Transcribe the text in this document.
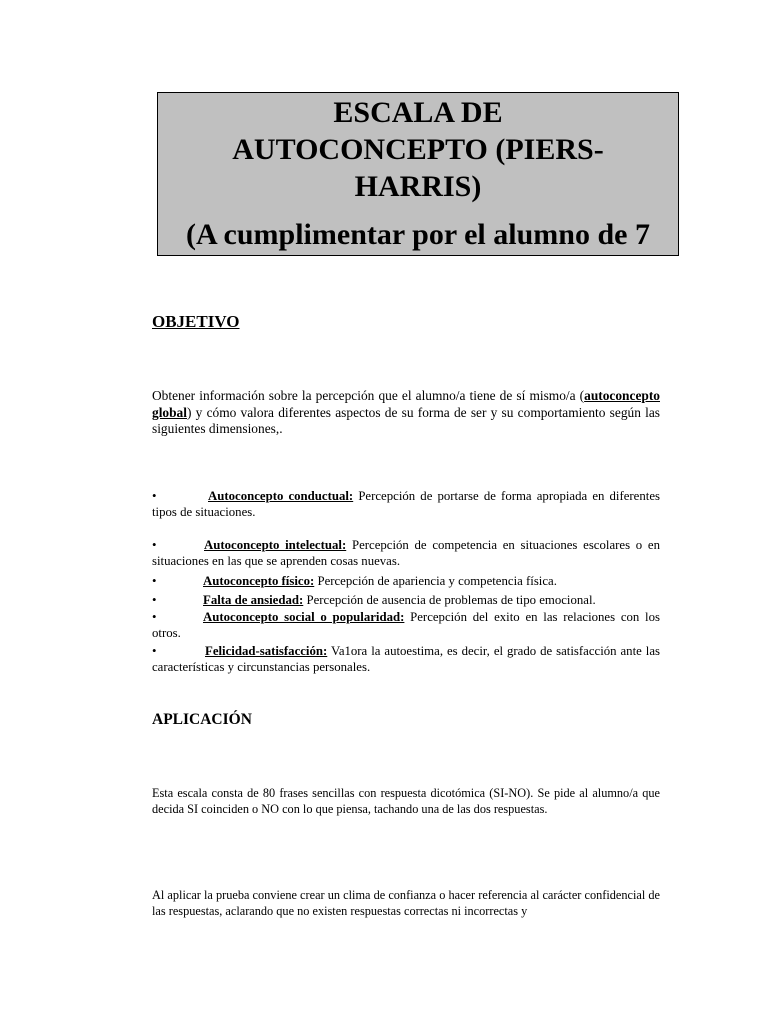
ESCALA DE

AUTOCONCEPTO (PIERS-

HARRIS)

(A cumplimentar por el alumno de 7

OBJETIVO

Obtener información sobre la percepción que el alumno/a tiene de sí mismo/a (autoconcepto global) y cómo valora diferentes aspectos de su forma de ser y su comportamiento según las siguientes dimensiones,.

•	Autoconcepto conductual: Percepción de portarse de forma apropiada en diferentes tipos de situaciones.

•	Autoconcepto intelectual: Percepción de competencia en situaciones escolares o en situaciones en las que se aprenden cosas nuevas.

•	Autoconcepto físico: Percepción de apariencia y competencia física.

•	Falta de ansiedad: Percepción de ausencia de problemas de tipo emocional.

•	Autoconcepto social o popularidad: Percepción del exito en las relaciones con los otros.

•	Felicidad-satisfacción: Va1ora la autoestima, es decir, el grado de satisfacción ante las características y circunstancias personales.

APLICACIÓN

Esta escala consta de 80 frases sencillas con respuesta dicotómica (SI-NO). Se pide al alumno/a que decida SI coinciden o NO con lo que piensa, tachando una de las dos respuestas.

Al aplicar la prueba conviene crear un clima de confianza o hacer referencia al carácter confidencial de las respuestas, aclarando que no existen respuestas correctas ni incorrectas y
